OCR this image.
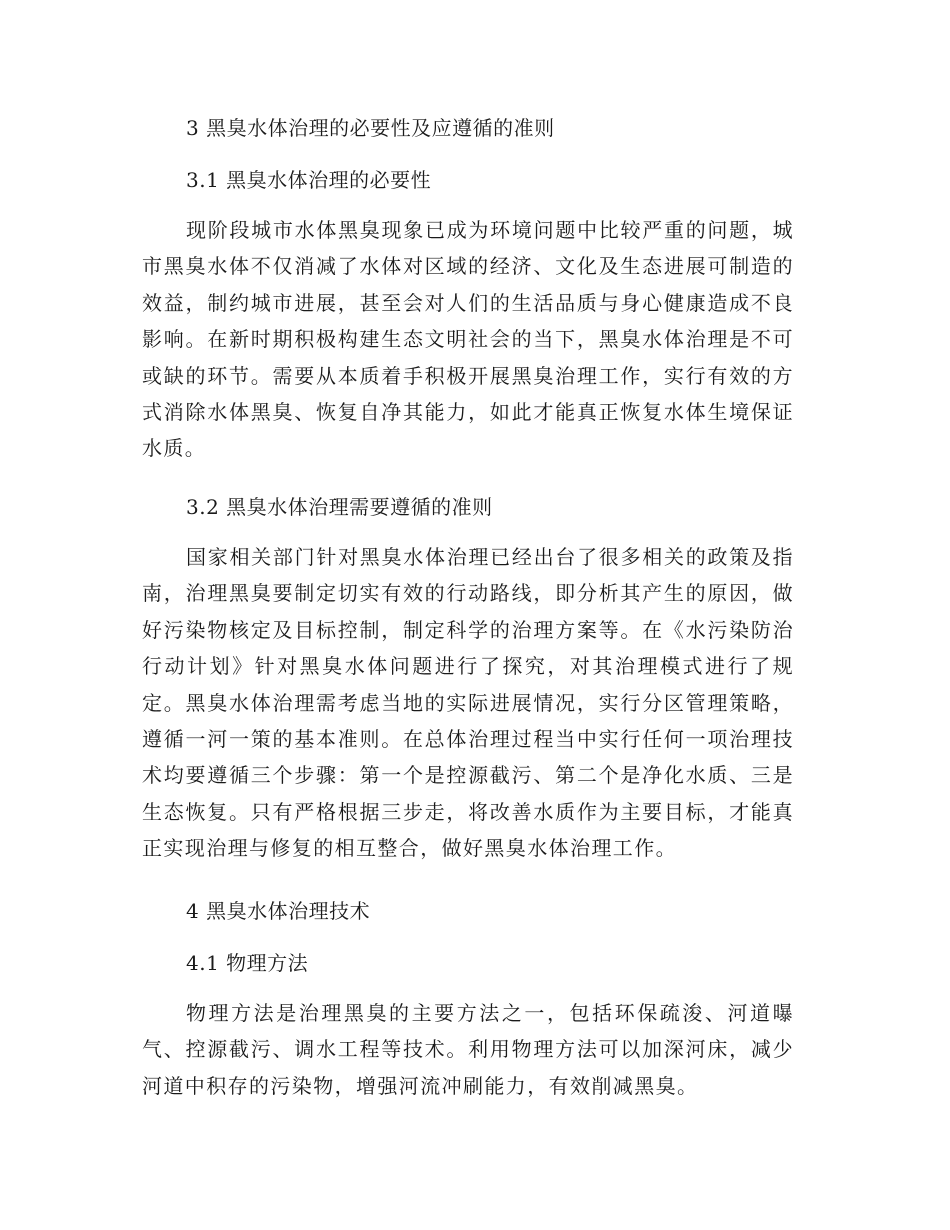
3 黑臭水体治理的必要性及应遵循的准则
3.1 黑臭水体治理的必要性
现阶段城市水体黑臭现象已成为环境问题中比较严重的问题，城市黑臭水体不仅消减了水体对区域的经济、文化及生态进展可制造的效益，制约城市进展，甚至会对人们的生活品质与身心健康造成不良影响。在新时期积极构建生态文明社会的当下，黑臭水体治理是不可或缺的环节。需要从本质着手积极开展黑臭治理工作，实行有效的方式消除水体黑臭、恢复自净其能力，如此才能真正恢复水体生境保证水质。
3.2 黑臭水体治理需要遵循的准则
国家相关部门针对黑臭水体治理已经出台了很多相关的政策及指南，治理黑臭要制定切实有效的行动路线，即分析其产生的原因，做好污染物核定及目标控制，制定科学的治理方案等。在《水污染防治行动计划》针对黑臭水体问题进行了探究，对其治理模式进行了规定。黑臭水体治理需考虑当地的实际进展情况，实行分区管理策略，遵循一河一策的基本准则。在总体治理过程当中实行任何一项治理技术均要遵循三个步骤：第一个是控源截污、第二个是净化水质、三是生态恢复。只有严格根据三步走，将改善水质作为主要目标，才能真正实现治理与修复的相互整合，做好黑臭水体治理工作。
4 黑臭水体治理技术
4.1 物理方法
物理方法是治理黑臭的主要方法之一，包括环保疏浚、河道曝气、控源截污、调水工程等技术。利用物理方法可以加深河床，减少河道中积存的污染物，增强河流冲刷能力，有效削减黑臭。
